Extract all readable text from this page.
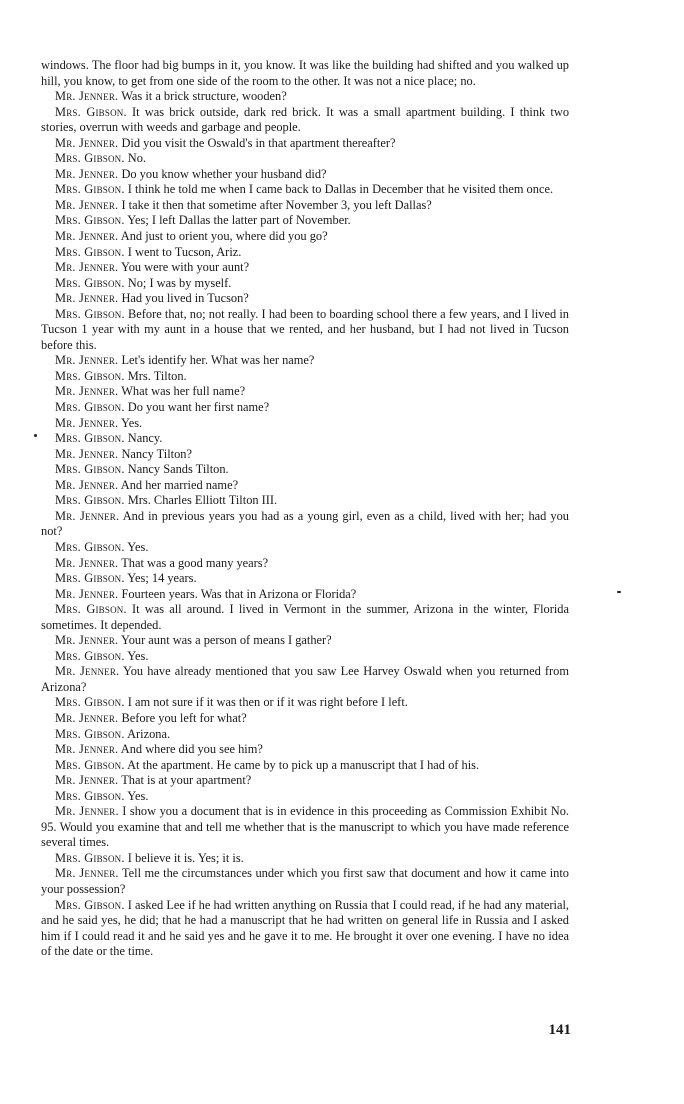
windows. The floor had big bumps in it, you know. It was like the building had shifted and you walked up hill, you know, to get from one side of the room to the other. It was not a nice place; no.

Mr. Jenner. Was it a brick structure, wooden?

Mrs. Gibson. It was brick outside, dark red brick. It was a small apartment building. I think two stories, overrun with weeds and garbage and people.

Mr. Jenner. Did you visit the Oswald's in that apartment thereafter?

Mrs. Gibson. No.

Mr. Jenner. Do you know whether your husband did?

Mrs. Gibson. I think he told me when I came back to Dallas in December that he visited them once.

Mr. Jenner. I take it then that sometime after November 3, you left Dallas?

Mrs. Gibson. Yes; I left Dallas the latter part of November.

Mr. Jenner. And just to orient you, where did you go?

Mrs. Gibson. I went to Tucson, Ariz.

Mr. Jenner. You were with your aunt?

Mrs. Gibson. No; I was by myself.

Mr. Jenner. Had you lived in Tucson?

Mrs. Gibson. Before that, no; not really. I had been to boarding school there a few years, and I lived in Tucson 1 year with my aunt in a house that we rented, and her husband, but I had not lived in Tucson before this.

Mr. Jenner. Let's identify her. What was her name?

Mrs. Gibson. Mrs. Tilton.

Mr. Jenner. What was her full name?

Mrs. Gibson. Do you want her first name?

Mr. Jenner. Yes.

Mrs. Gibson. Nancy.

Mr. Jenner. Nancy Tilton?

Mrs. Gibson. Nancy Sands Tilton.

Mr. Jenner. And her married name?

Mrs. Gibson. Mrs. Charles Elliott Tilton III.

Mr. Jenner. And in previous years you had as a young girl, even as a child, lived with her; had you not?

Mrs. Gibson. Yes.

Mr. Jenner. That was a good many years?

Mrs. Gibson. Yes; 14 years.

Mr. Jenner. Fourteen years. Was that in Arizona or Florida?

Mrs. Gibson. It was all around. I lived in Vermont in the summer, Arizona in the winter, Florida sometimes. It depended.

Mr. Jenner. Your aunt was a person of means I gather?

Mrs. Gibson. Yes.

Mr. Jenner. You have already mentioned that you saw Lee Harvey Oswald when you returned from Arizona?

Mrs. Gibson. I am not sure if it was then or if it was right before I left.

Mr. Jenner. Before you left for what?

Mrs. Gibson. Arizona.

Mr. Jenner. And where did you see him?

Mrs. Gibson. At the apartment. He came by to pick up a manuscript that I had of his.

Mr. Jenner. That is at your apartment?

Mrs. Gibson. Yes.

Mr. Jenner. I show you a document that is in evidence in this proceeding as Commission Exhibit No. 95. Would you examine that and tell me whether that is the manuscript to which you have made reference several times.

Mrs. Gibson. I believe it is. Yes; it is.

Mr. Jenner. Tell me the circumstances under which you first saw that document and how it came into your possession?

Mrs. Gibson. I asked Lee if he had written anything on Russia that I could read, if he had any material, and he said yes, he did; that he had a manuscript that he had written on general life in Russia and I asked him if I could read it and he said yes and he gave it to me. He brought it over one evening. I have no idea of the date or the time.

141
